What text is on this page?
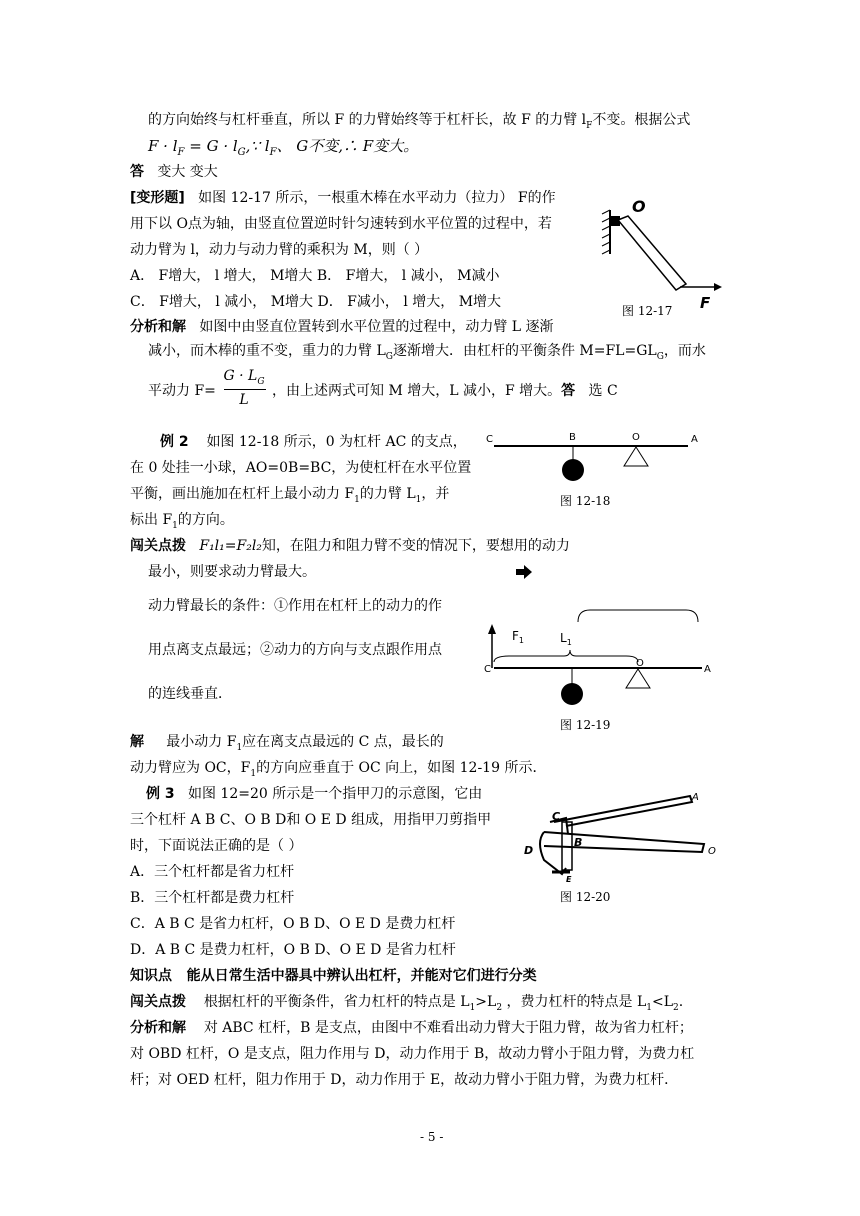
的方向始终与杠杆垂直，所以 F 的力臂始终等于杠杆长，故 F 的力臂 $l_F$不变。根据公式
$F \cdot l_F = G$ · $l_G,\because$ $l_F$、 G不变,∴ F变大。
答 变大 变大
[变形题] 如图 12-17 所示，一根重木棒在水平动力（拉力） F的作
用下以 O点为轴，由竖直位置逆时针匀速转到水平位置的过程中，若
动力臂为 l，动力与动力臂的乘积为 M，则（ ）
A． F增大， l 增大， M增大 B． F增大， l 减小， M减小
C． F增大， l 减小， M增大 D． F减小， l 增大， M增大
O
F
图 12-17
分析和解 如图中由竖直位置转到水平位置的过程中，动力臂 L 逐渐
减小，而木棒的重不变，重力的力臂 $L_G$逐渐增大．由杠杆的平衡条件 $M=FL=GL_G$，而水
平动力 F=
$G \cdot L_G$
L
，由上述两式可知 M 增大，L 减小，F 增大。答 选 C
例 2 如图 12-18 所示，0 为杠杆 AC 的支点，
在 0 处挂一小球，AO=0B=BC，为使杠杆在水平位置
平衡，画出施加在杠杆上最小动力 $F_1$的力臂 $L_1$，并
标出 $F_1$的方向。
C	B	O	A
图 12-18
闯关点拨 F₁l₁=F₂l₂知，在阻力和阻力臂不变的情况下，要想用的动力
最小，则要求动力臂最大。
动力臂最长的条件：①作用在杠杆上的动力的作
用点离支点最远；②动力的方向与支点跟作用点
的连线垂直．
$F_1$	$L_1$
C
O
A
图 12-19
解 最小动力 $F_1$应在离支点最远的 C 点，最长的
动力臂应为 OC，$F_1$的方向应垂直于 OC 向上，如图 12-19 所示．
例 3 如图 12=20 所示是一个指甲刀的示意图，它由
三个杠杆 A B C、O B D和 O E D 组成，用指甲刀剪指甲
时，下面说法正确的是（ ）
A．三个杠杆都是省力杠杆
B．三个杠杆都是费力杠杆
C．A B C 是省力杠杆，O B D、O E D 是费力杠杆
D．A B C 是费力杠杆，O B D、O E D 是省力杠杆
A
C
B
D
E
O
图 12-20
知识点 能从日常生活中器具中辨认出杠杆，并能对它们进行分类
闯关点拨 根据杠杆的平衡条件，省力杠杆的特点是 $L_1>L_2$ ，费力杠杆的特点是 $L_1<L_2$.
分析和解 对 ABC 杠杆，B 是支点，由图中不难看出动力臂大于阻力臂，故为省力杠杆；
对 OBD 杠杆，O 是支点，阻力作用与 D，动力作用于 B，故动力臂小于阻力臂，为费力杠
杆；对 OED 杠杆，阻力作用于 D，动力作用于 E，故动力臂小于阻力臂，为费力杠杆．
- 5 -
